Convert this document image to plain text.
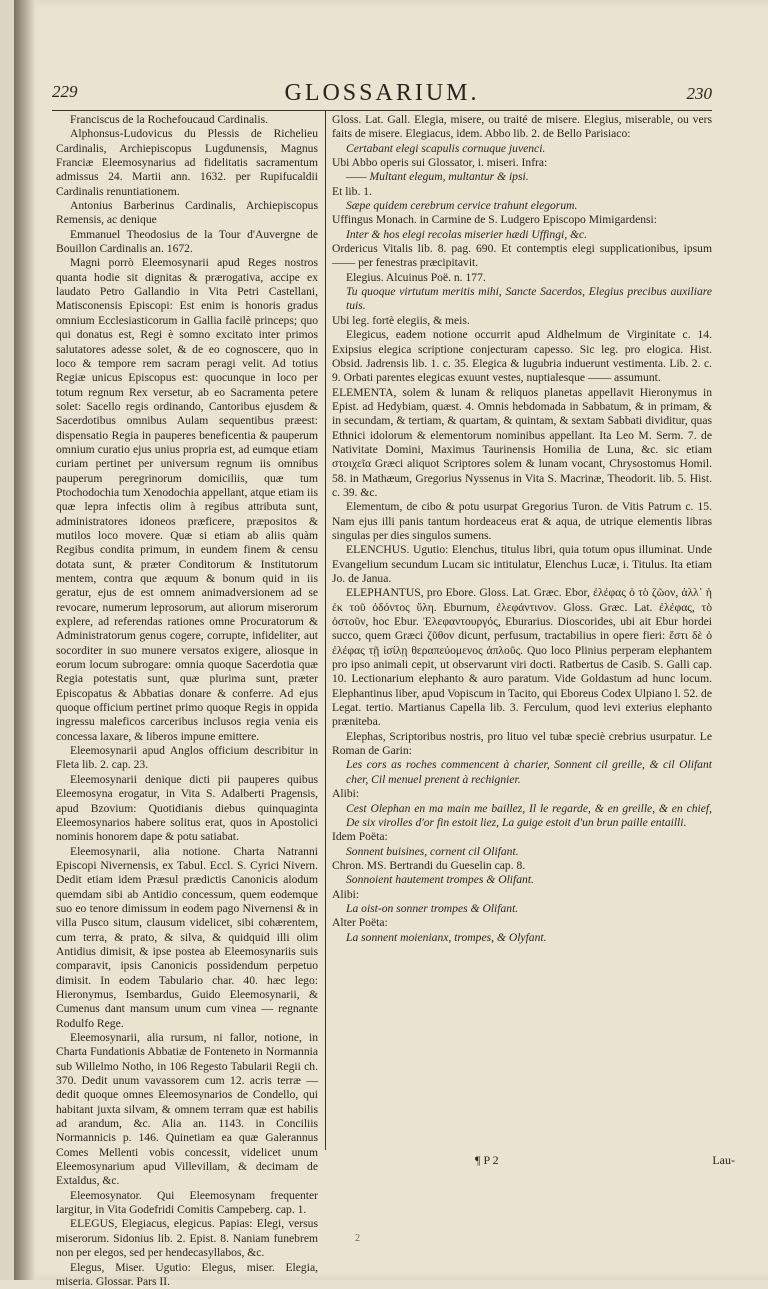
229	GLOSSARIUM.	230

Franciscus de la Rochefoucaud Cardinalis.

Alphonsus-Ludovicus du Plessis de Richelieu Cardinalis, Archiepiscopus Lugdunensis, Magnus Franciæ Eleemosynarius ad fidelitatis sacramentum admissus 24. Martii ann. 1632. per Rupifucaldii Cardinalis renuntiationem.

Antonius Barberinus Cardinalis, Archiepiscopus Remensis, ac denique

Emmanuel Theodosius de la Tour d'Auvergne de Bouillon Cardinalis an. 1672.

Magni porrò Eleemosynarii apud Reges nostros quanta hodie sit dignitas & prærogativa, accipe ex laudato Petro Gallandio in Vita Petri Castellani, Matisconensis Episcopi: Est enim is honoris gradus omnium Ecclesiasticorum in Gallia facilè princeps; quo qui donatus est, Regi è somno excitato inter primos salutatores adesse solet, & de eo cognoscere, quo in loco & tempore rem sacram peragi velit. Ad totius Regiæ unicus Episcopus est: quocunque in loco per totum regnum Rex versetur, ab eo Sacramenta petere solet: Sacello regis ordinando, Cantoribus ejusdem & Sacerdotibus omnibus Aulam sequentibus præest: dispensatio Regia in pauperes beneficentia & pauperum omnium curatio ejus unius propria est, ad eumque etiam curiam pertinet per universum regnum iis omnibus pauperum peregrinorum domiciliis, quæ tum Ptochodochia tum Xenodochia appellant, atque etiam iis quæ lepra infectis olim à regibus attributa sunt, administratores idoneos præficere, præpositos & mutilos loco movere. Quæ si etiam ab aliis quàm Regibus condita primum, in eundem finem & censu dotata sunt, & præter Conditorum & Institutorum mentem, contra que æquum & bonum quid in iis geratur, ejus de est omnem animadversionem ad se revocare, numerum leprosorum, aut aliorum miserorum explere, ad referendas rationes omne Procuratorum & Administratorum genus cogere, corrupte, infideliter, aut socorditer in suo munere versatos exigere, aliosque in eorum locum subrogare: omnia quoque Sacerdotia quæ Regia potestatis sunt, quæ plurima sunt, præter Episcopatus & Abbatias donare & conferre. Ad ejus quoque officium pertinet primo quoque Regis in oppida ingressu maleficos carceribus inclusos regia venia eis concessa laxare, & liberos impune emittere.

Eleemosynarii apud Anglos officium describitur in Fleta lib. 2. cap. 23.

Eleemosynarii denique dicti pii pauperes quibus Eleemosyna erogatur, in Vita S. Adalberti Pragensis, apud Bzovium: Quotidianis diebus quinquaginta Eleemosynarios habere solitus erat, quos in Apostolici nominis honorem dape & potu satiabat.

Eleemosynarii, alia notione. Charta Natranni Episcopi Nivernensis, ex Tabul. Eccl. S. Cyrici Nivern. Dedit etiam idem Præsul prædictis Canonicis alodum quemdam sibi ab Antidio concessum, quem eodemque suo eo tenore dimissum in eodem pago Nivernensi & in villa Pusco situm, clausum videlicet, sibi cohærentem, cum terra, & prato, & silva, & quidquid illi olim Antidius dimisit, & ipse postea ab Eleemosynariis suis comparavit, ipsis Canonicis possidendum perpetuo dimisit. In eodem Tabulario char. 40. hæc lego: Hieronymus, Isembardus, Guido Eleemosynarii, & Cumenus dant mansum unum cum vinea — regnante Rodulfo Rege.

Eleemosynarii, alia rursum, ni fallor, notione, in Charta Fundationis Abbatiæ de Fonteneto in Normannia sub Willelmo Notho, in 106 Regesto Tabularii Regii ch. 370. Dedit unum vavassorem cum 12. acris terræ — dedit quoque omnes Eleemosynarios de Condello, qui habitant juxta silvam, & omnem terram quæ est habilis ad arandum, &c. Alia an. 1143. in Conciliis Normannicis p. 146. Quinetiam ea quæ Galerannus Comes Mellenti vobis concessit, videlicet unum Eleemosynarium apud Villevillam, & decimam de Extaldus, &c.

Eleemosynator. Qui Eleemosynam frequenter largitur, in Vita Godefridi Comitis Campeberg. cap. 1.

ELEGUS, Elegiacus, elegicus. Papias: Elegi, versus miserorum. Sidonius lib. 2. Epist. 8. Naniam funebrem non per elegos, sed per hendecasyllabos, &c.

Elegus, Miser. Ugutio: Elegus, miser. Elegia, miseria. Glossar. Pars II.

Gloss. Lat. Gall. Elegia, misere, ou traité de misere. Elegius, miserable, ou vers faits de misere. Elegiacus, idem. Abbo lib. 2. de Bello Parisiaco:

Certabant elegi scapulis cornuque juvenci.

Ubi Abbo operis sui Glossator, i. miseri. Infra:

—— Multant elegum, multantur & ipsi.

Et lib. 1.

Sæpe quidem cerebrum cervice trahunt elegorum.

Uffingus Monach. in Carmine de S. Ludgero Episcopo Mimigardensi:

Inter & hos elegi recolas miserier hædi Uffingi, &c.

Ordericus Vitalis lib. 8. pag. 690. Et contemptis elegi supplicationibus, ipsum —— per fenestras præcipitavit.

Elegius. Alcuinus Poë. n. 177.

Tu quoque virtutum meritis mihi, Sancte Sacerdos, Elegius precibus auxiliare tuis.

Ubi leg. fortè elegiis, & meis.

Elegicus, eadem notione occurrit apud Aldhelmum de Virginitate c. 14. Exipsius elegica scriptione conjecturam capesso. Sic leg. pro elogica. Hist. Obsid. Jadrensis lib. 1. c. 35. Elegica & lugubria induerunt vestimenta. Lib. 2. c. 9. Orbati parentes elegicas exuunt vestes, nuptialesque —— assumunt.

ELEMENTA, solem & lunam & reliquos planetas appellavit Hieronymus in Epist. ad Hedybiam, quæst. 4. Omnis hebdomada in Sabbatum, & in primam, & in secundam, & tertiam, & quartam, & quintam, & sextam Sabbati dividitur, quas Ethnici idolorum & elementorum nominibus appellant. Ita Leo M. Serm. 7. de Nativitate Domini, Maximus Taurinensis Homilia de Luna, &c. sic etiam στοιχεῖα Græci aliquot Scriptores solem & lunam vocant, Chrysostomus Homil. 58. in Mathæum, Gregorius Nyssenus in Vita S. Macrinæ, Theodorit. lib. 5. Hist. c. 39. &c.

Elementum, de cibo & potu usurpat Gregorius Turon. de Vitis Patrum c. 15. Nam ejus illi panis tantum hordeaceus erat & aqua, de utrique elementis libras singulas per dies singulos sumens.

ELENCHUS. Ugutio: Elenchus, titulus libri, quia totum opus illuminat. Unde Evangelium secundum Lucam sic intitulatur, Elenchus Lucæ, i. Titulus. Ita etiam Jo. de Janua.

ELEPHANTUS, pro Ebore. Gloss. Lat. Græc. Ebor, ἐλέφας ὁ τὸ ζῶον, ἀλλ᾽ ἡ ἐκ τοῦ ὀδόντος ὕλη. Eburnum, ἐλεφάντινον. Gloss. Græc. Lat. ἐλέφας, τὸ ὀστοῦν, hoc Ebur. Ἐλεφαντουργός, Eburarius. Dioscorides, ubi ait Ebur hordei succo, quem Græci ζῦθον dicunt, perfusum, tractabilius in opere fieri: ἔστι δὲ ὁ ἐλέφας τῇ ἰσίλῃ θεραπεύομενος ἁπλοῦς. Quo loco Plinius perperam elephantem pro ipso animali cepit, ut observarunt viri docti. Ratbertus de Casib. S. Galli cap. 10. Lectionarium elephanto & auro paratum. Vide Goldastum ad hunc locum. Elephantinus liber, apud Vopiscum in Tacito, qui Eboreus Codex Ulpiano l. 52. de Legat. tertio. Martianus Capella lib. 3. Ferculum, quod levi exterius elephanto præniteba.

Elephas, Scriptoribus nostris, pro lituo vel tubæ speciè crebrius usurpatur. Le Roman de Garin:

Les cors as roches commencent à charier, Sonnent cil greille, & cil Olifant cher, Cil menuel prenent à rechignier.

Alibi:

Cest Olephan en ma main me baillez, Il le regarde, & en greille, & en chief, De six virolles d'or fin estoit liez, La guige estoit d'un brun paille entailli.

Idem Poëta:

Sonnent buisines, cornent cil Olifant.

Chron. MS. Bertrandi du Gueselin cap. 8.

Sonnoient hautement trompes & Olifant.

Alibi:

La oist-on sonner trompes & Olifant.

Alter Poëta:

La sonnent moienianx, trompes, & Olyfant.

¶ P 2	Lau-
2
